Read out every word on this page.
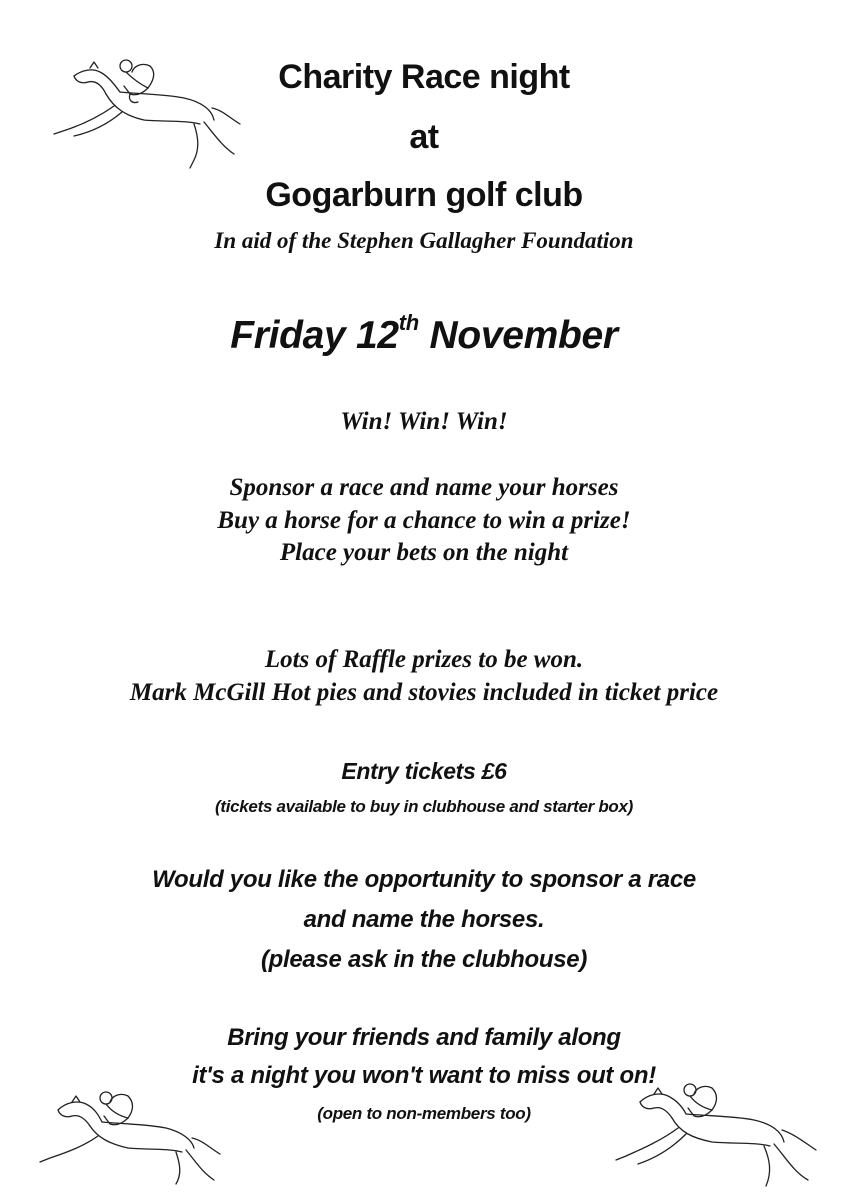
Charity Race night
at
Gogarburn golf club
In aid of the Stephen Gallagher Foundation
Friday 12th November
Win! Win! Win!
Sponsor a race and name your horses
Buy a horse for a chance to win a prize!
Place your bets on the night
Lots of Raffle prizes to be won.
Mark McGill Hot pies and stovies included in ticket price
Entry tickets £6
(tickets available to buy in clubhouse and starter box)
Would you like the opportunity to sponsor a race
and name the horses.
(please ask in the clubhouse)
Bring your friends and family along
it's a night you won't want to miss out on!
(open to non-members too)
